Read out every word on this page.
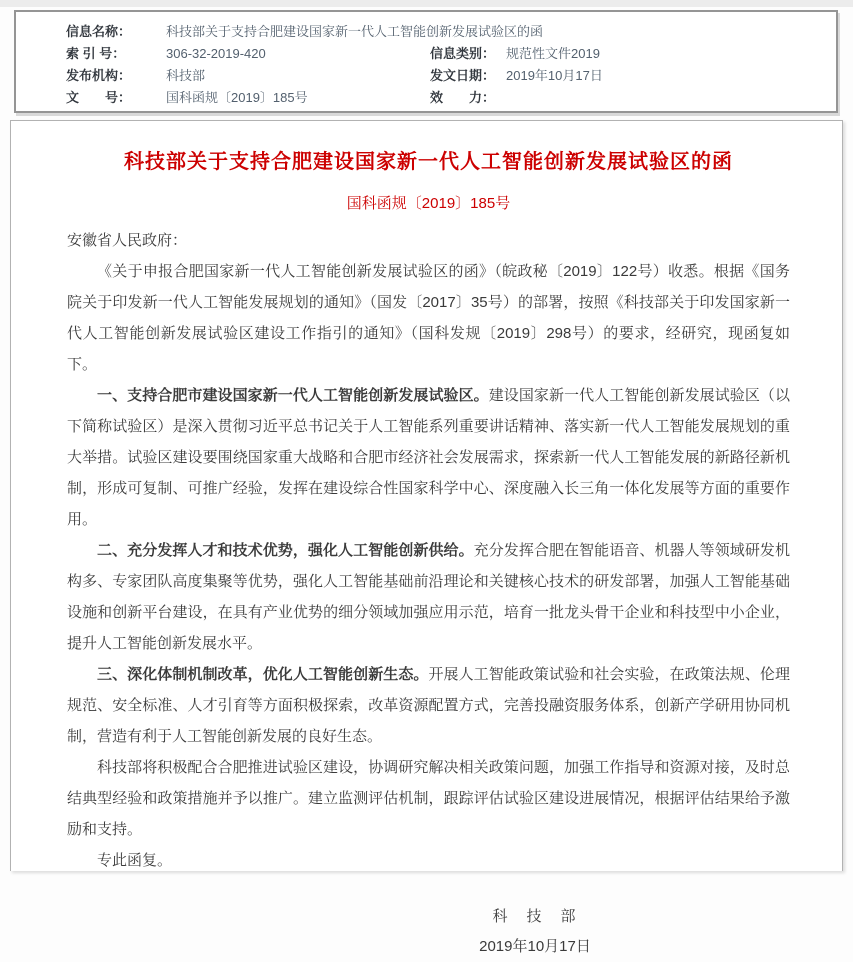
信息名称：	科技部关于支持合肥建设国家新一代人工智能创新发展试验区的函
索 引 号：	306-32-2019-420	信息类别： 规范性文件2019
发布机构：	科技部	发文日期： 2019年10月17日
文　　号：	国科函规〔2019〕185号	效　　力：
科技部关于支持合肥建设国家新一代人工智能创新发展试验区的函
国科函规〔2019〕185号

安徽省人民政府：

《关于申报合肥国家新一代人工智能创新发展试验区的函》（皖政秘〔2019〕122号）收悉。根据《国务院关于印发新一代人工智能发展规划的通知》（国发〔2017〕35号）的部署，按照《科技部关于印发国家新一代人工智能创新发展试验区建设工作指引的通知》（国科发规〔2019〕298号）的要求，经研究，现函复如下。

一、支持合肥市建设国家新一代人工智能创新发展试验区。建设国家新一代人工智能创新发展试验区（以下简称试验区）是深入贯彻习近平总书记关于人工智能系列重要讲话精神、落实新一代人工智能发展规划的重大举措。试验区建设要围绕国家重大战略和合肥市经济社会发展需求，探索新一代人工智能发展的新路径新机制，形成可复制、可推广经验，发挥在建设综合性国家科学中心、深度融入长三角一体化发展等方面的重要作用。

二、充分发挥人才和技术优势，强化人工智能创新供给。充分发挥合肥在智能语音、机器人等领域研发机构多、专家团队高度集聚等优势，强化人工智能基础前沿理论和关键核心技术的研发部署，加强人工智能基础设施和创新平台建设，在具有产业优势的细分领域加强应用示范，培育一批龙头骨干企业和科技型中小企业，提升人工智能创新发展水平。

三、深化体制机制改革，优化人工智能创新生态。开展人工智能政策试验和社会实验，在政策法规、伦理规范、安全标准、人才引育等方面积极探索，改革资源配置方式，完善投融资服务体系，创新产学研用协同机制，营造有利于人工智能创新发展的良好生态。

科技部将积极配合合肥推进试验区建设，协调研究解决相关政策问题，加强工作指导和资源对接，及时总结典型经验和政策措施并予以推广。建立监测评估机制，跟踪评估试验区建设进展情况，根据评估结果给予激励和支持。

专此函复。

科　技　部
2019年10月17日
